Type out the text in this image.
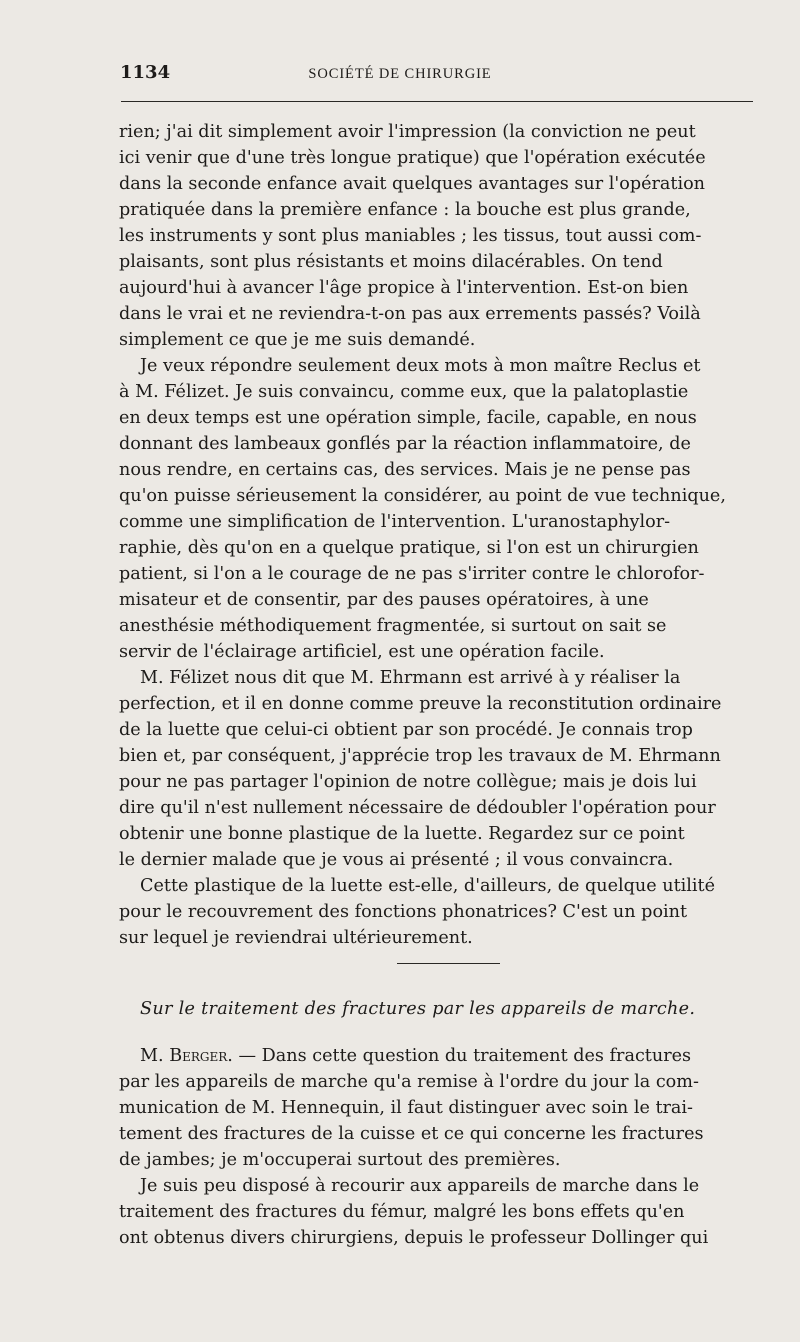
1134	SOCIÉTÉ DE CHIRURGIE

rien; j'ai dit simplement avoir l'impression (la conviction ne peut
ici venir que d'une très longue pratique) que l'opération exécutée
dans la seconde enfance avait quelques avantages sur l'opération
pratiquée dans la première enfance : la bouche est plus grande,
les instruments y sont plus maniables ; les tissus, tout aussi com-
plaisants, sont plus résistants et moins dilacérables. On tend
aujourd'hui à avancer l'âge propice à l'intervention. Est-on bien
dans le vrai et ne reviendra-t-on pas aux errements passés? Voilà
simplement ce que je me suis demandé.

Je veux répondre seulement deux mots à mon maître Reclus et
à M. Félizet. Je suis convaincu, comme eux, que la palatoplastie
en deux temps est une opération simple, facile, capable, en nous
donnant des lambeaux gonflés par la réaction inflammatoire, de
nous rendre, en certains cas, des services. Mais je ne pense pas
qu'on puisse sérieusement la considérer, au point de vue technique,
comme une simplification de l'intervention. L'uranostaphylor-
raphie, dès qu'on en a quelque pratique, si l'on est un chirurgien
patient, si l'on a le courage de ne pas s'irriter contre le chlorofor-
misateur et de consentir, par des pauses opératoires, à une
anesthésie méthodiquement fragmentée, si surtout on sait se
servir de l'éclairage artificiel, est une opération facile.

M. Félizet nous dit que M. Ehrmann est arrivé à y réaliser la
perfection, et il en donne comme preuve la reconstitution ordinaire
de la luette que celui-ci obtient par son procédé. Je connais trop
bien et, par conséquent, j'apprécie trop les travaux de M. Ehrmann
pour ne pas partager l'opinion de notre collègue; mais je dois lui
dire qu'il n'est nullement nécessaire de dédoubler l'opération pour
obtenir une bonne plastique de la luette. Regardez sur ce point
le dernier malade que je vous ai présenté ; il vous convaincra.

Cette plastique de la luette est-elle, d'ailleurs, de quelque utilité
pour le recouvrement des fonctions phonatrices? C'est un point
sur lequel je reviendrai ultérieurement.

Sur le traitement des fractures par les appareils de marche.

M. Berger. — Dans cette question du traitement des fractures
par les appareils de marche qu'a remise à l'ordre du jour la com-
munication de M. Hennequin, il faut distinguer avec soin le trai-
tement des fractures de la cuisse et ce qui concerne les fractures
de jambes; je m'occuperai surtout des premières.

Je suis peu disposé à recourir aux appareils de marche dans le
traitement des fractures du fémur, malgré les bons effets qu'en
ont obtenus divers chirurgiens, depuis le professeur Dollinger qui
